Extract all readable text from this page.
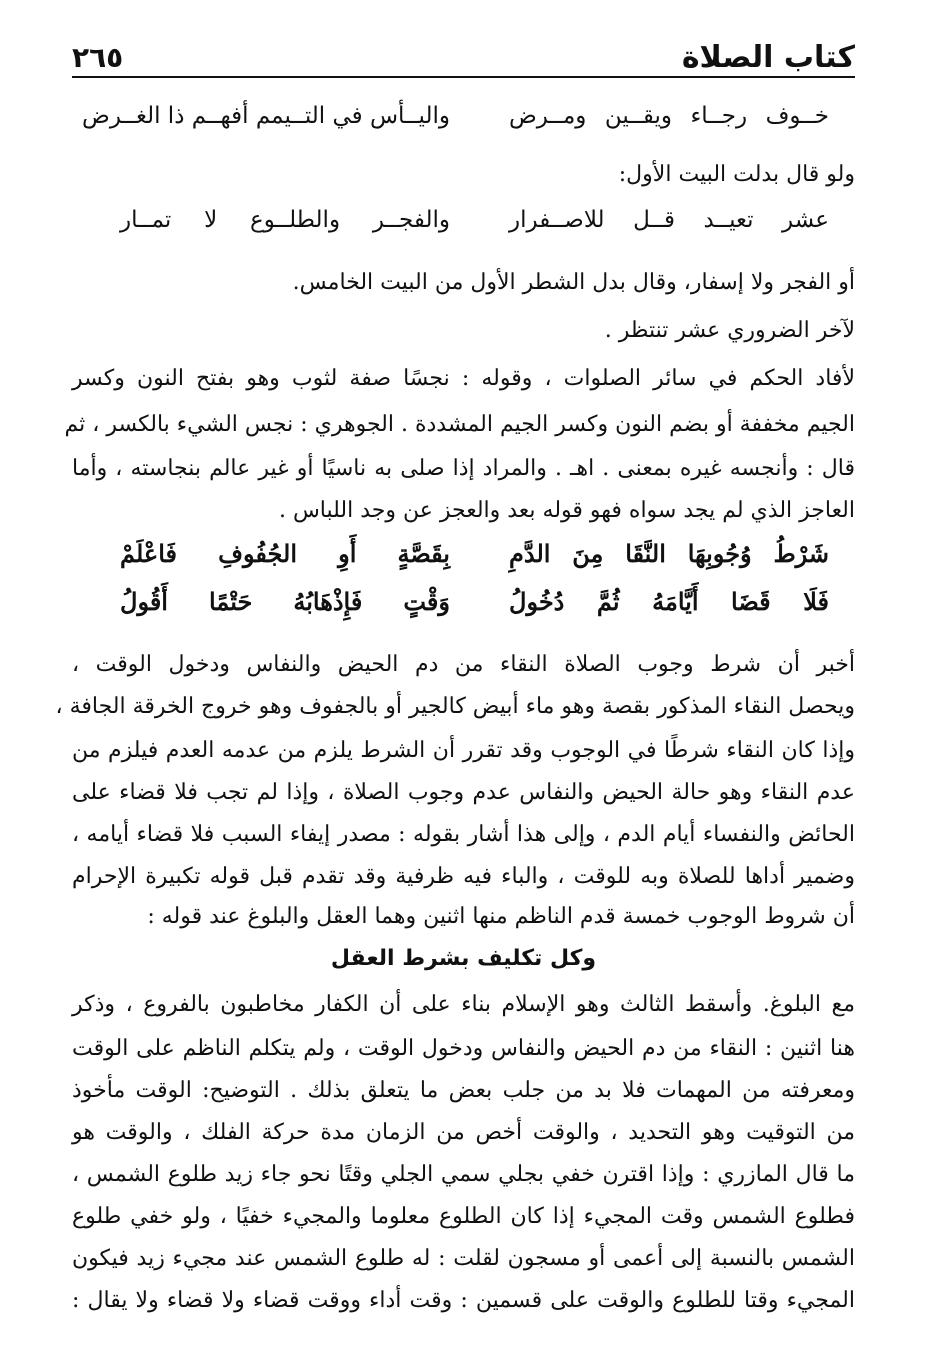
كتاب الصلاة
٢٦٥
خــوف رجــاء ويقــين ومــرض
واليــأس في التــيمم أفهــم ذا الغــرض
ولو قال بدلت البيت الأول:
عشر تعيــد قــل للاصــفرار
والفجــر والطلــوع لا تمــار
أو الفجر ولا إسفار، وقال بدل الشطر الأول من البيت الخامس.
لآخر الضروري عشر تنتظر .
لأفاد الحكم في سائر الصلوات ، وقوله : نجسًا صفة لثوب وهو بفتح النون وكسر
الجيم مخففة أو بضم النون وكسر الجيم المشددة . الجوهري : نجس الشيء بالكسر ، ثم
قال : وأنجسه غيره بمعنى . اهـ . والمراد إذا صلى به ناسيًا أو غير عالم بنجاسته ، وأما
العاجز الذي لم يجد سواه فهو قوله بعد والعجز عن وجد اللباس .
شَرْطُ وُجُوبِهَا النَّقَا مِنَ الدَّمِ
بِقَصَّةٍ أَوِ الجُفُوفِ فَاعْلَمْ
فَلَا قَضَا أَيَّامَهُ ثُمَّ دُخُولُ
وَقْتٍ فَإِذْهَابُهُ حَتْمًا أَقُولُ
أخبر أن شرط وجوب الصلاة النقاء من دم الحيض والنفاس ودخول الوقت ،
ويحصل النقاء المذكور بقصة وهو ماء أبيض كالجير أو بالجفوف وهو خروج الخرقة الجافة ،
وإذا كان النقاء شرطًا في الوجوب وقد تقرر أن الشرط يلزم من عدمه العدم فيلزم من
عدم النقاء وهو حالة الحيض والنفاس عدم وجوب الصلاة ، وإذا لم تجب فلا قضاء على
الحائض والنفساء أيام الدم ، وإلى هذا أشار بقوله : مصدر إيفاء السبب فلا قضاء أيامه ،
وضمير أداها للصلاة وبه للوقت ، والباء فيه ظرفية وقد تقدم قبل قوله تكبيرة الإحرام
أن شروط الوجوب خمسة قدم الناظم منها اثنين وهما العقل والبلوغ عند قوله :
وكل تكليف بشرط العقل
مع البلوغ. وأسقط الثالث وهو الإسلام بناء على أن الكفار مخاطبون بالفروع ، وذكر
هنا اثنين : النقاء من دم الحيض والنفاس ودخول الوقت ، ولم يتكلم الناظم على الوقت
ومعرفته من المهمات فلا بد من جلب بعض ما يتعلق بذلك . التوضيح: الوقت مأخوذ
من التوقيت وهو التحديد ، والوقت أخص من الزمان مدة حركة الفلك ، والوقت هو
ما قال المازري : وإذا اقترن خفي بجلي سمي الجلي وقتًا نحو جاء زيد طلوع الشمس ،
فطلوع الشمس وقت المجيء إذا كان الطلوع معلوما والمجيء خفيًا ، ولو خفي طلوع
الشمس بالنسبة إلى أعمى أو مسجون لقلت : له طلوع الشمس عند مجيء زيد فيكون
المجيء وقتا للطلوع والوقت على قسمين : وقت أداء ووقت قضاء ولا قضاء ولا يقال :
